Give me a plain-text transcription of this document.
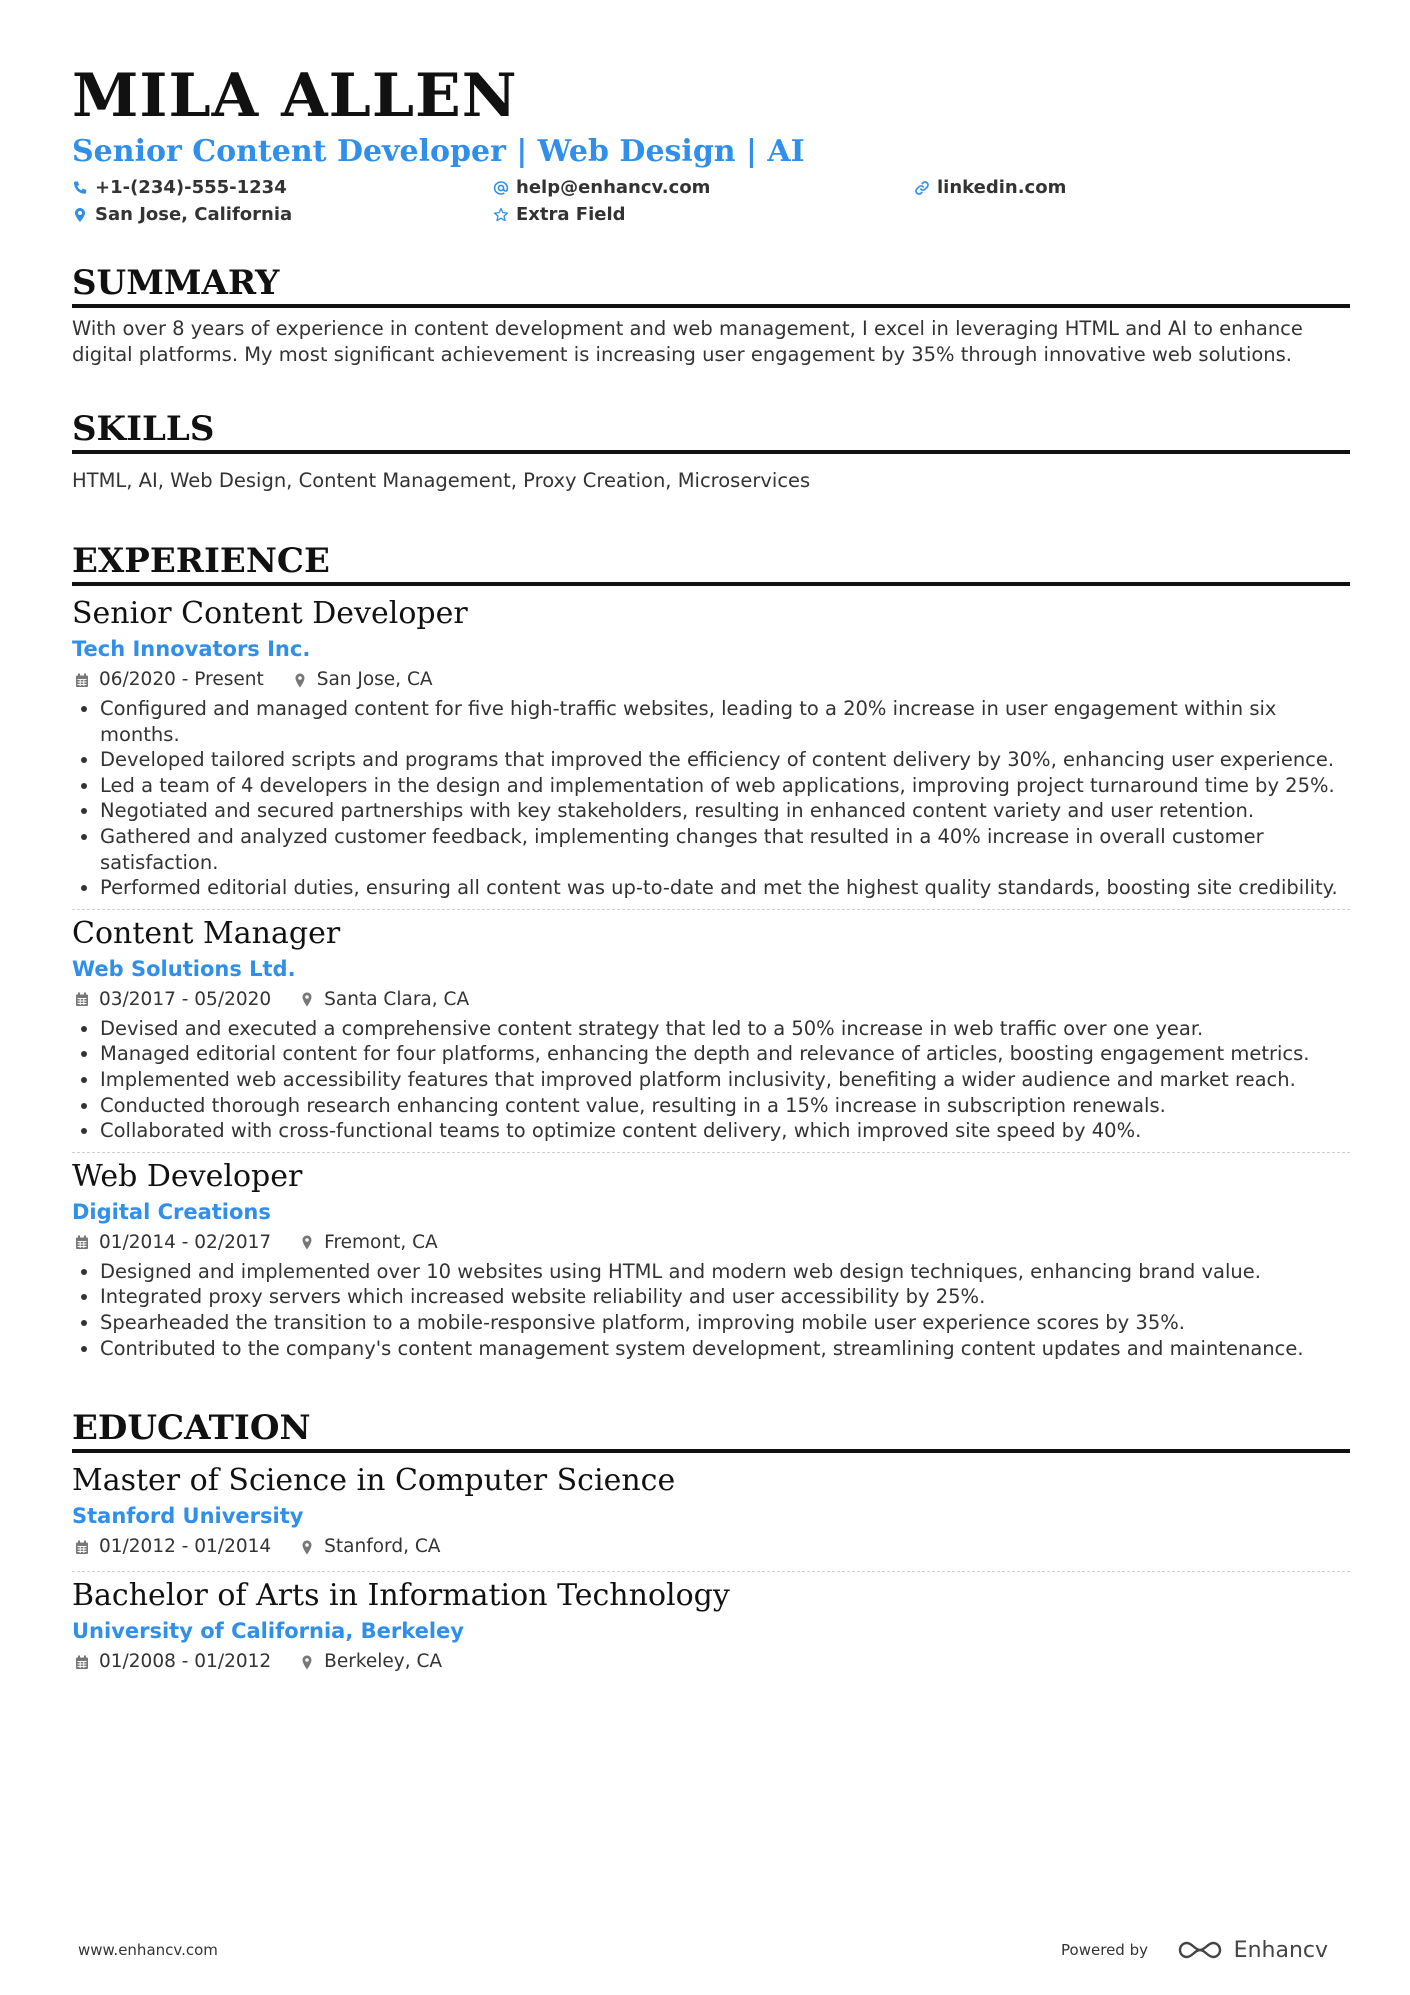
MILA ALLEN
Senior Content Developer | Web Design | AI
+1-(234)-555-1234	help@enhancv.com	linkedin.com
San Jose, California	Extra Field
SUMMARY
With over 8 years of experience in content development and web management, I excel in leveraging HTML and AI to enhance digital platforms. My most significant achievement is increasing user engagement by 35% through innovative web solutions.
SKILLS
HTML, AI, Web Design, Content Management, Proxy Creation, Microservices
EXPERIENCE
Senior Content Developer
Tech Innovators Inc.
06/2020 - Present	San Jose, CA
Configured and managed content for five high-traffic websites, leading to a 20% increase in user engagement within six months.
Developed tailored scripts and programs that improved the efficiency of content delivery by 30%, enhancing user experience.
Led a team of 4 developers in the design and implementation of web applications, improving project turnaround time by 25%.
Negotiated and secured partnerships with key stakeholders, resulting in enhanced content variety and user retention.
Gathered and analyzed customer feedback, implementing changes that resulted in a 40% increase in overall customer satisfaction.
Performed editorial duties, ensuring all content was up-to-date and met the highest quality standards, boosting site credibility.
Content Manager
Web Solutions Ltd.
03/2017 - 05/2020	Santa Clara, CA
Devised and executed a comprehensive content strategy that led to a 50% increase in web traffic over one year.
Managed editorial content for four platforms, enhancing the depth and relevance of articles, boosting engagement metrics.
Implemented web accessibility features that improved platform inclusivity, benefiting a wider audience and market reach.
Conducted thorough research enhancing content value, resulting in a 15% increase in subscription renewals.
Collaborated with cross-functional teams to optimize content delivery, which improved site speed by 40%.
Web Developer
Digital Creations
01/2014 - 02/2017	Fremont, CA
Designed and implemented over 10 websites using HTML and modern web design techniques, enhancing brand value.
Integrated proxy servers which increased website reliability and user accessibility by 25%.
Spearheaded the transition to a mobile-responsive platform, improving mobile user experience scores by 35%.
Contributed to the company's content management system development, streamlining content updates and maintenance.
EDUCATION
Master of Science in Computer Science
Stanford University
01/2012 - 01/2014	Stanford, CA
Bachelor of Arts in Information Technology
University of California, Berkeley
01/2008 - 01/2012	Berkeley, CA
www.enhancv.com	Powered by	Enhancv
